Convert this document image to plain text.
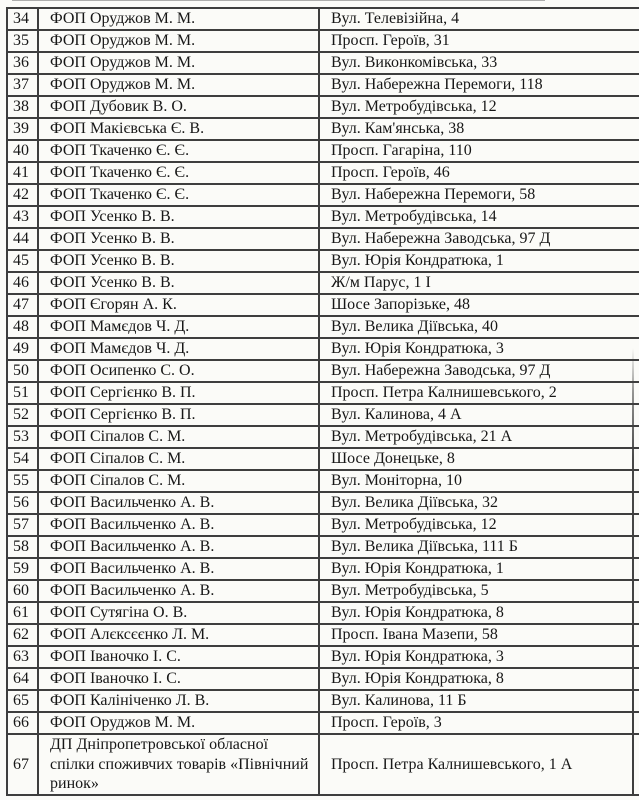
34	ФОП Оруджов М. М.	Вул. Телевізійна, 4
35	ФОП Оруджов М. М.	Просп. Героїв, 31
36	ФОП Оруджов М. М.	Вул. Виконкомівська, 33
37	ФОП Оруджов М. М.	Вул. Набережна Перемоги, 118
38	ФОП Дубовик В. О.	Вул. Метробудівська, 12
39	ФОП Макієвська Є. В.	Вул. Кам'янська, 38
40	ФОП Ткаченко Є. Є.	Просп. Гагаріна, 110
41	ФОП Ткаченко Є. Є.	Просп. Героїв, 46
42	ФОП Ткаченко Є. Є.	Вул. Набережна Перемоги, 58
43	ФОП Усенко В. В.	Вул. Метробудівська, 14
44	ФОП Усенко В. В.	Вул. Набережна Заводська, 97 Д
45	ФОП Усенко В. В.	Вул. Юрія Кондратюка, 1
46	ФОП Усенко В. В.	Ж/м Парус, 1 І
47	ФОП Єгорян А. К.	Шосе Запорізьке, 48
48	ФОП Мамєдов Ч. Д.	Вул. Велика Діївська, 40
49	ФОП Мамєдов Ч. Д.	Вул. Юрія Кондратюка, 3
50	ФОП Осипенко С. О.	Вул. Набережна Заводська, 97 Д
51	ФОП Сергієнко В. П.	Просп. Петра Калнишевського, 2
52	ФОП Сергієнко В. П.	Вул. Калинова, 4 А
53	ФОП Сіпалов С. М.	Вул. Метробудівська, 21 А
54	ФОП Сіпалов С. М.	Шосе Донецьке, 8
55	ФОП Сіпалов С. М.	Вул. Моніторна, 10
56	ФОП Васильченко А. В.	Вул. Велика Діївська, 32
57	ФОП Васильченко А. В.	Вул. Метробудівська, 12
58	ФОП Васильченко А. В.	Вул. Велика Діївська, 111 Б
59	ФОП Васильченко А. В.	Вул. Юрія Кондратюка, 1
60	ФОП Васильченко А. В.	Вул. Метробудівська, 5
61	ФОП Сутягіна О. В.	Вул. Юрія Кондратюка, 8
62	ФОП Алєксєєнко Л. М.	Просп. Івана Мазепи, 58
63	ФОП Іваночко І. С.	Вул. Юрія Кондратюка, 3
64	ФОП Іваночко І. С.	Вул. Юрія Кондратюка, 8
65	ФОП Калініченко Л. В.	Вул. Калинова, 11 Б
66	ФОП Оруджов М. М.	Просп. Героїв, 3
67	ДП Дніпропетровської обласної спілки споживчих товарів «Північний ринок»	Просп. Петра Калнишевського, 1 А
